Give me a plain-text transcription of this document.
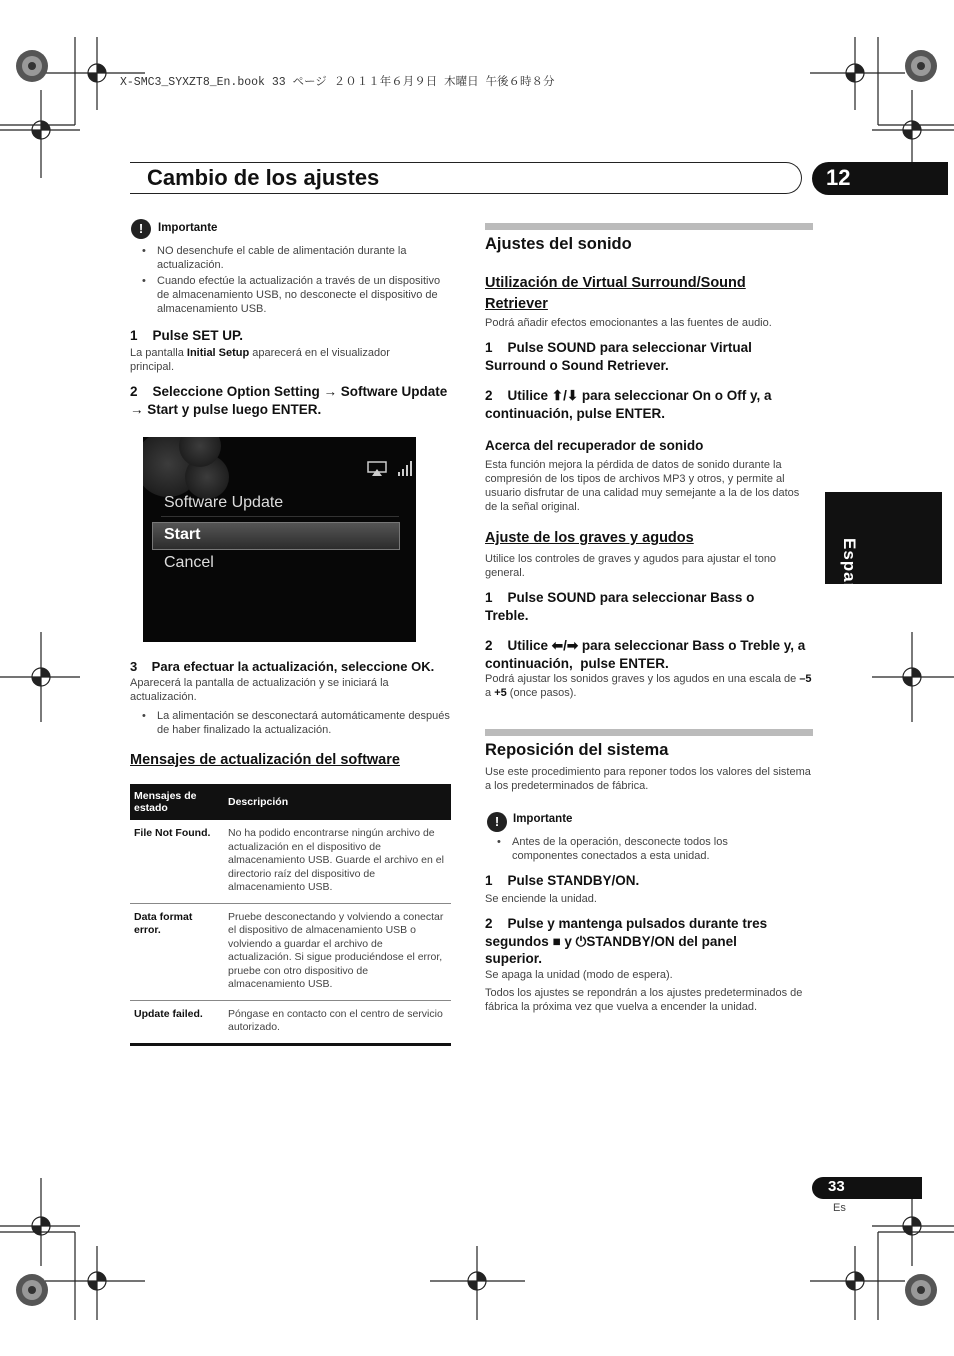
X-SMC3_SYXZT8_En.book 33 ページ ２０１１年６月９日 木曜日 午後６時８分
Cambio de los ajustes	12
Español
!	Importante
• NO desenchufe el cable de alimentación durante la actualización.
• Cuando efectúe la actualización a través de un dispositivo de almacenamiento USB, no desconecte el dispositivo de almacenamiento USB.
1    Pulse SET UP.
La pantalla Initial Setup aparecerá en el visualizador principal.
2    Seleccione Option Setting → Software Update → Start y pulse luego ENTER.
Software Update
Start
Cancel
3    Para efectuar la actualización, seleccione OK.
Aparecerá la pantalla de actualización y se iniciará la actualización.
• La alimentación se desconectará automáticamente después de haber finalizado la actualización.
Mensajes de actualización del software
Mensajes de estado	Descripción
File Not Found.	No ha podido encontrarse ningún archivo de actualización en el dispositivo de almacenamiento USB. Guarde el archivo en el directorio raíz del dispositivo de almacenamiento USB.
Data format error.	Pruebe desconectando y volviendo a conectar el dispositivo de almacenamiento USB o volviendo a guardar el archivo de actualización. Si sigue produciéndose el error, pruebe con otro dispositivo de almacenamiento USB.
Update failed.	Póngase en contacto con el centro de servicio autorizado.
Ajustes del sonido
Utilización de Virtual Surround/Sound Retriever
Podrá añadir efectos emocionantes a las fuentes de audio.
1    Pulse SOUND para seleccionar Virtual Surround o Sound Retriever.
2    Utilice ⬆/⬇ para seleccionar On o Off y, a continuación, pulse ENTER.
Acerca del recuperador de sonido
Esta función mejora la pérdida de datos de sonido durante la compresión de los tipos de archivos MP3 y otros, y permite al usuario disfrutar de una calidad muy semejante a la de los datos de la señal original.
Ajuste de los graves y agudos
Utilice los controles de graves y agudos para ajustar el tono general.
1    Pulse SOUND para seleccionar Bass o Treble.
2    Utilice ⬅/➡ para seleccionar Bass o Treble y, a continuación,  pulse ENTER.
Podrá ajustar los sonidos graves y los agudos en una escala de –5 a +5 (once pasos).
Reposición del sistema
Use este procedimiento para reponer todos los valores del sistema a los predeterminados de fábrica.
!	Importante
• Antes de la operación, desconecte todos los componentes conectados a esta unidad.
1    Pulse STANDBY/ON.
Se enciende la unidad.
2    Pulse y mantenga pulsados durante tres segundos ■ y ⏻STANDBY/ON del panel superior.
Se apaga la unidad (modo de espera).
Todos los ajustes se repondrán a los ajustes predeterminados de fábrica la próxima vez que vuelva a encender la unidad.
33
Es
